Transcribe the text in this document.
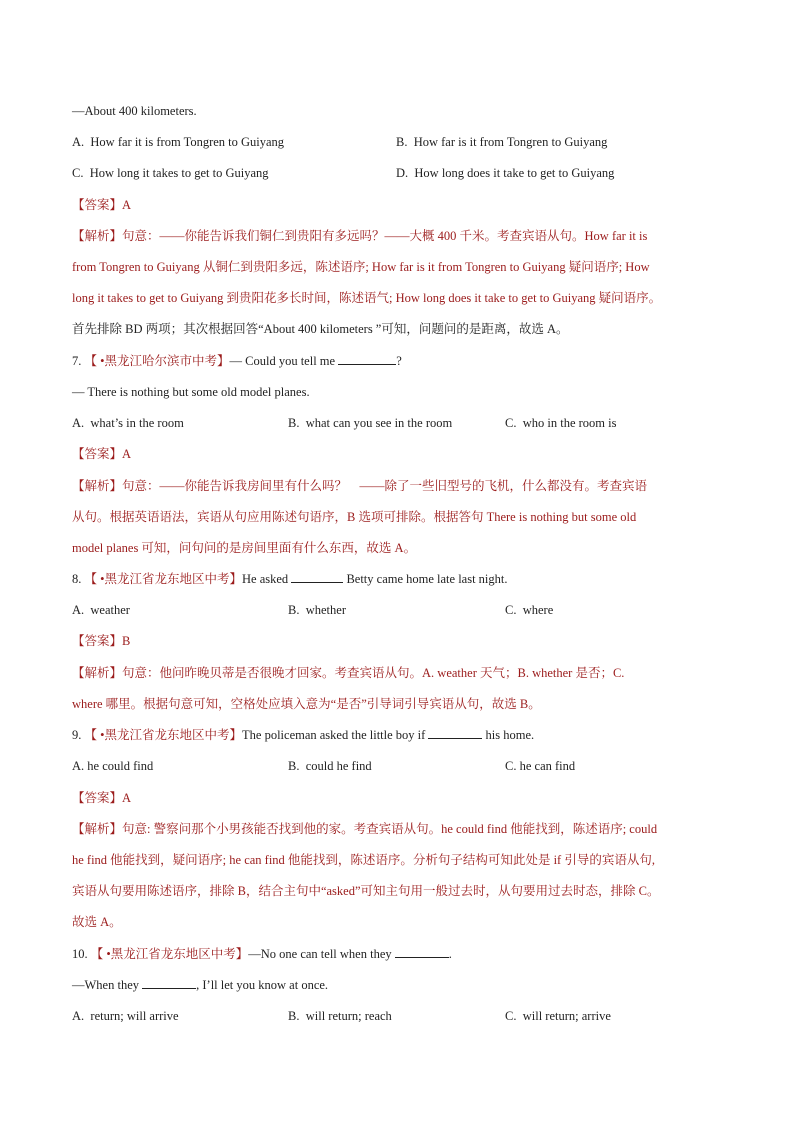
—About 400 kilometers.
A. How far it is from Tongren to Guiyang	B. How far is it from Tongren to Guiyang
C. How long it takes to get to Guiyang	D. How long does it take to get to Guiyang
【答案】A
【解析】句意：——你能告诉我们铜仁到贵阳有多远吗？——大概 400 千米。考查宾语从句。How far it is
from Tongren to Guiyang 从铜仁到贵阳多远，陈述语序; How far is it from Tongren to Guiyang 疑问语序; How
long it takes to get to Guiyang 到贵阳花多长时间，陈述语气; How long does it take to get to Guiyang 疑问语序。
首先排除 BD 两项；其次根据回答“About 400 kilometers ”可知，问题问的是距离，故选 A。
7. 【 •黑龙江哈尔滨市中考】— Could you tell me	?
— There is nothing but some old model planes.
A. what’s in the room	B. what can you see in the room	C. who in the room is
【答案】A
【解析】句意：——你能告诉我房间里有什么吗？　——除了一些旧型号的飞机，什么都没有。考查宾语
从句。根据英语语法，宾语从句应用陈述句语序，B 选项可排除。根据答句 There is nothing but some old
model planes 可知，问句问的是房间里面有什么东西，故选 A。
8. 【 •黑龙江省龙东地区中考】He asked	Betty came home late last night.
A. weather	B. whether	C. where
【答案】B
【解析】句意：他问昨晚贝蒂是否很晚才回家。考查宾语从句。A. weather 天气；B. whether 是否；C.
where 哪里。根据句意可知，空格处应填入意为“是否”引导词引导宾语从句，故选 B。
9. 【 •黑龙江省龙东地区中考】The policeman asked the little boy if	his home.
A. he could find	B. could he find	C. he can find
【答案】A
【解析】句意: 警察问那个小男孩能否找到他的家。考查宾语从句。he could find 他能找到，陈述语序; could
he find 他能找到，疑问语序; he can find 他能找到，陈述语序。分析句子结构可知此处是 if 引导的宾语从句,
宾语从句要用陈述语序，排除 B，结合主句中“asked”可知主句用一般过去时，从句要用过去时态，排除 C。
故选 A。
10. 【 •黑龙江省龙东地区中考】—No one can tell when they	.
—When they	, I’ll let you know at once.
A. return; will arrive	B. will return; reach	C. will return; arrive
